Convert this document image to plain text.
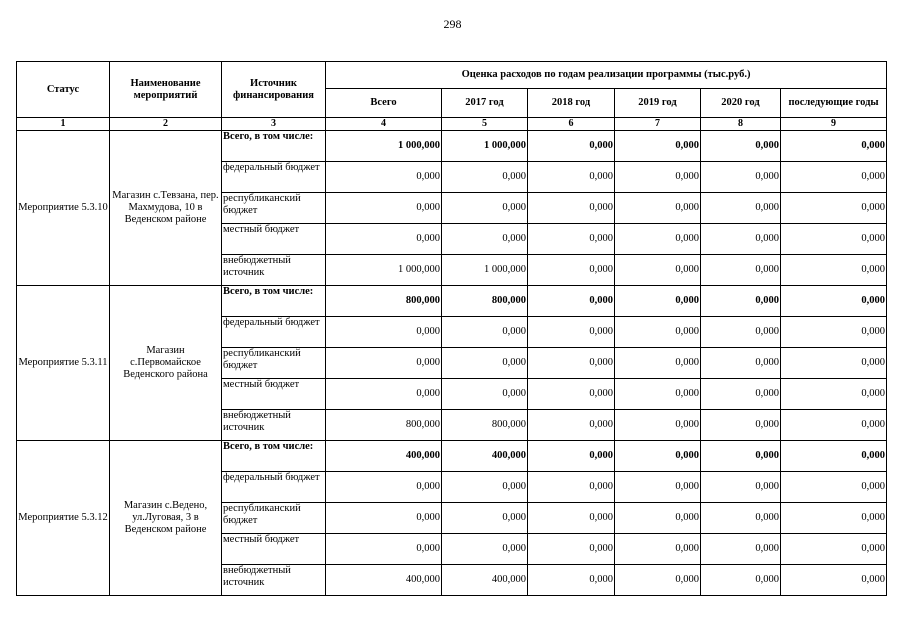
298
Статус	Наименование мероприятий	Источник финансирования	Оценка расходов по годам реализации программы (тыс.руб.)					
			Всего	2017 год	2018 год	2019 год	2020 год	последующие годы
1	2	3	4	5	6	7	8	9
Мероприятие 5.3.10	Магазин с.Тевзана, пер. Махмудова, 10 в Веденском районе	Всего, в том числе:	1 000,000	1 000,000	0,000	0,000	0,000	0,000
		федеральный бюджет	0,000	0,000	0,000	0,000	0,000	0,000
		республиканский бюджет	0,000	0,000	0,000	0,000	0,000	0,000
		местный бюджет	0,000	0,000	0,000	0,000	0,000	0,000
		внебюджетный источник	1 000,000	1 000,000	0,000	0,000	0,000	0,000
Мероприятие 5.3.11	Магазин с.Первомайское Веденского района	Всего, в том числе:	800,000	800,000	0,000	0,000	0,000	0,000
		федеральный бюджет	0,000	0,000	0,000	0,000	0,000	0,000
		республиканский бюджет	0,000	0,000	0,000	0,000	0,000	0,000
		местный бюджет	0,000	0,000	0,000	0,000	0,000	0,000
		внебюджетный источник	800,000	800,000	0,000	0,000	0,000	0,000
Мероприятие 5.3.12	Магазин с.Ведено, ул.Луговая, 3 в Веденском районе	Всего, в том числе:	400,000	400,000	0,000	0,000	0,000	0,000
		федеральный бюджет	0,000	0,000	0,000	0,000	0,000	0,000
		республиканский бюджет	0,000	0,000	0,000	0,000	0,000	0,000
		местный бюджет	0,000	0,000	0,000	0,000	0,000	0,000
		внебюджетный источник	400,000	400,000	0,000	0,000	0,000	0,000
